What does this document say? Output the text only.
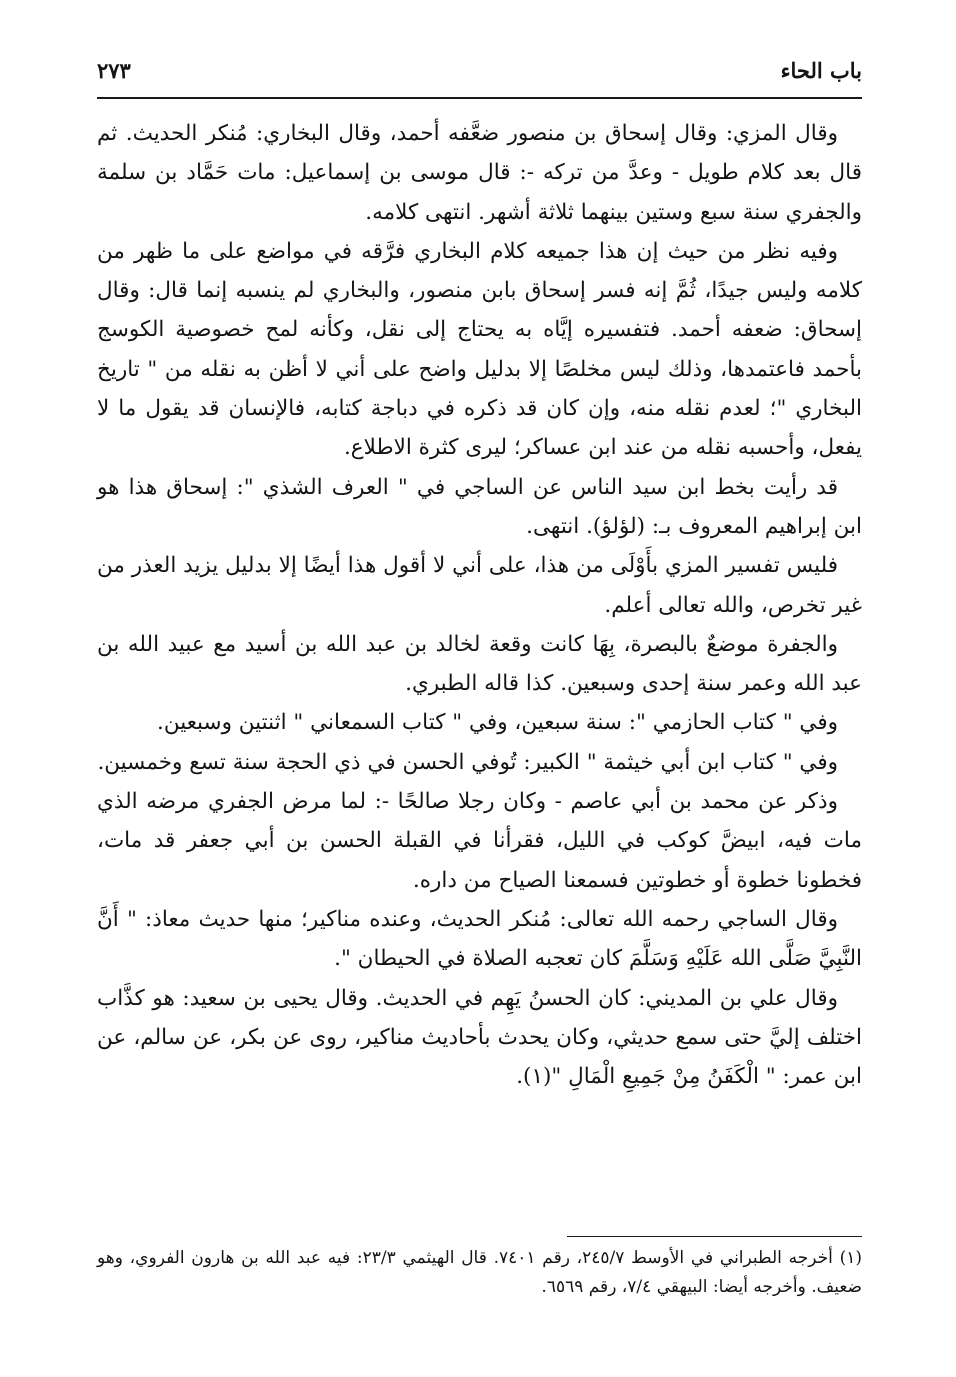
باب الحاء
٢٧٣

وقال المزي: وقال إسحاق بن منصور ضعَّفه أحمد، وقال البخاري: مُنكر الحديث. ثم قال بعد كلام طويل - وعدَّ من تركه -: قال موسى بن إسماعيل: مات حَمَّاد بن سلمة والجفري سنة سبع وستين بينهما ثلاثة أشهر. انتهى كلامه.

وفيه نظر من حيث إن هذا جميعه كلام البخاري فرَّقه في مواضع على ما ظهر من كلامه وليس جيدًا، ثُمَّ إنه فسر إسحاق بابن منصور، والبخاري لم ينسبه إنما قال: وقال إسحاق: ضعفه أحمد. فتفسيره إيَّاه به يحتاج إلى نقل، وكأنه لمح خصوصية الكوسج بأحمد فاعتمدها، وذلك ليس مخلصًا إلا بدليل واضح على أني لا أظن به نقله من " تاريخ البخاري "؛ لعدم نقله منه، وإن كان قد ذكره في دباجة كتابه، فالإنسان قد يقول ما لا يفعل، وأحسبه نقله من عند ابن عساكر؛ ليرى كثرة الاطلاع.

قد رأيت بخط ابن سيد الناس عن الساجي في " العرف الشذي ": إسحاق هذا هو ابن إبراهيم المعروف بـ: (لؤلؤ). انتهى.

فليس تفسير المزي بأَوْلَى من هذا، على أني لا أقول هذا أيضًا إلا بدليل يزيد العذر من غير تخرص، والله تعالى أعلم.

والجفرة موضعٌ بالبصرة، بِهَا كانت وقعة لخالد بن عبد الله بن أسيد مع عبيد الله بن عبد الله وعمر سنة إحدى وسبعين. كذا قاله الطبري.

وفي " كتاب الحازمي ": سنة سبعين، وفي " كتاب السمعاني " اثنتين وسبعين.

وفي " كتاب ابن أبي خيثمة " الكبير: تُوفي الحسن في ذي الحجة سنة تسع وخمسين.

وذكر عن محمد بن أبي عاصم - وكان رجلا صالحًا -: لما مرض الجفري مرضه الذي مات فيه، ابيضَّ كوكب في الليل، فقرأنا في القبلة الحسن بن أبي جعفر قد مات، فخطونا خطوة أو خطوتين فسمعنا الصياح من داره.

وقال الساجي رحمه الله تعالى: مُنكر الحديث، وعنده مناكير؛ منها حديث معاذ: " أَنَّ النَّبِيَّ صَلَّى الله عَلَيْهِ وَسَلَّمَ كان تعجبه الصلاة في الحيطان ".

وقال علي بن المديني: كان الحسنُ يَهِم في الحديث. وقال يحيى بن سعيد: هو كذَّاب اختلف إليَّ حتى سمع حديثي، وكان يحدث بأحاديث مناكير، روى عن بكر، عن سالم، عن ابن عمر: " الْكَفَنُ مِنْ جَمِيعِ الْمَالِ "(١).

(١) أخرجه الطبراني في الأوسط ٢٤٥/٧، رقم ٧٤٠١. قال الهيثمي ٢٣/٣: فيه عبد الله بن هارون الفروي، وهو ضعيف. وأخرجه أيضا: البيهقي ٧/٤، رقم ٦٥٦٩.
